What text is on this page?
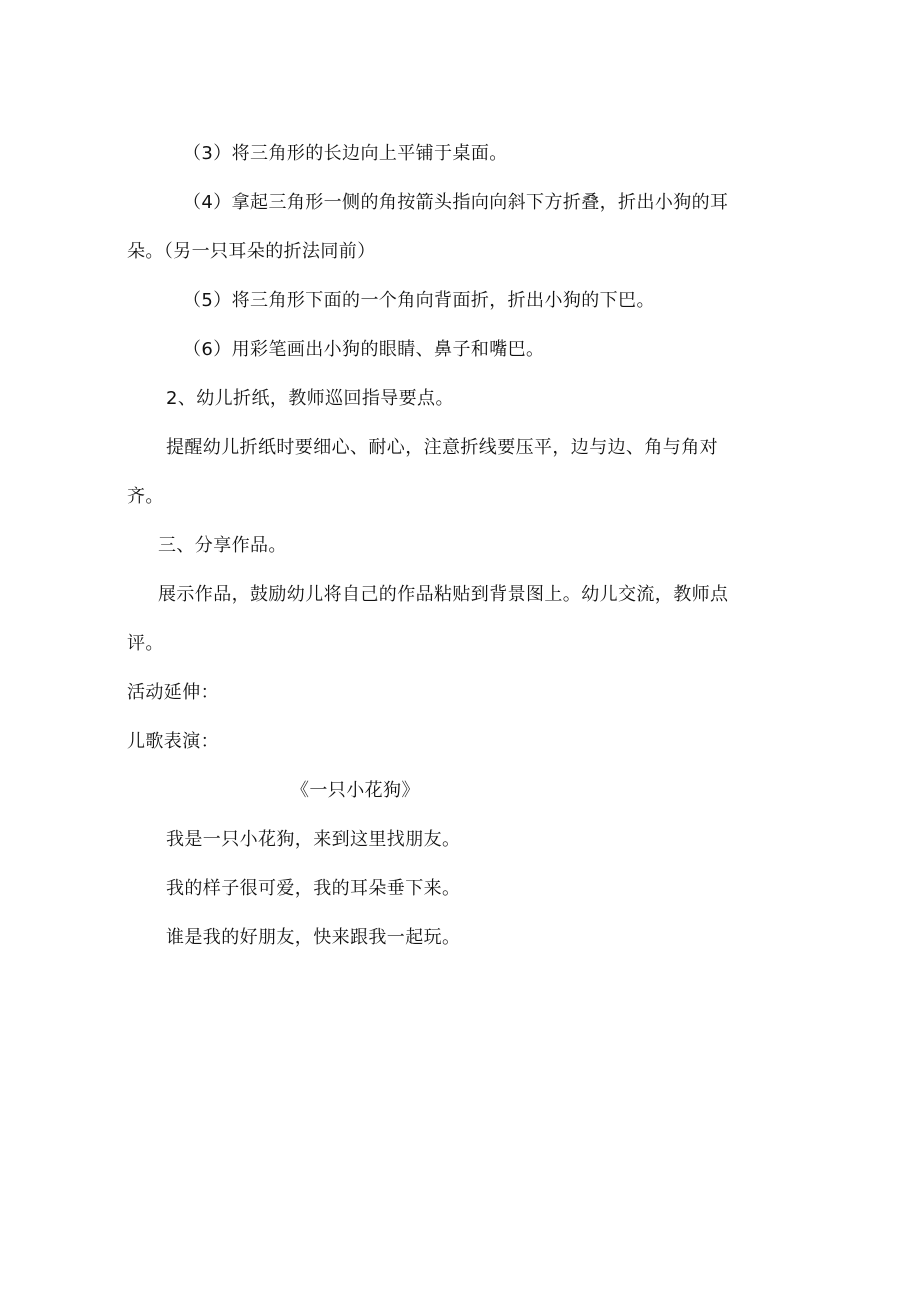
（3）将三角形的长边向上平铺于桌面。
（4）拿起三角形一侧的角按箭头指向向斜下方折叠，折出小狗的耳
朵。（另一只耳朵的折法同前）
（5）将三角形下面的一个角向背面折，折出小狗的下巴。
（6）用彩笔画出小狗的眼睛、鼻子和嘴巴。
2、幼儿折纸，教师巡回指导要点。
提醒幼儿折纸时要细心、耐心，注意折线要压平，边与边、角与角对
齐。
三、分享作品。
展示作品，鼓励幼儿将自己的作品粘贴到背景图上。幼儿交流，教师点
评。
活动延伸：
儿歌表演：
《一只小花狗》
我是一只小花狗，来到这里找朋友。
我的样子很可爱，我的耳朵垂下来。
谁是我的好朋友，快来跟我一起玩。
